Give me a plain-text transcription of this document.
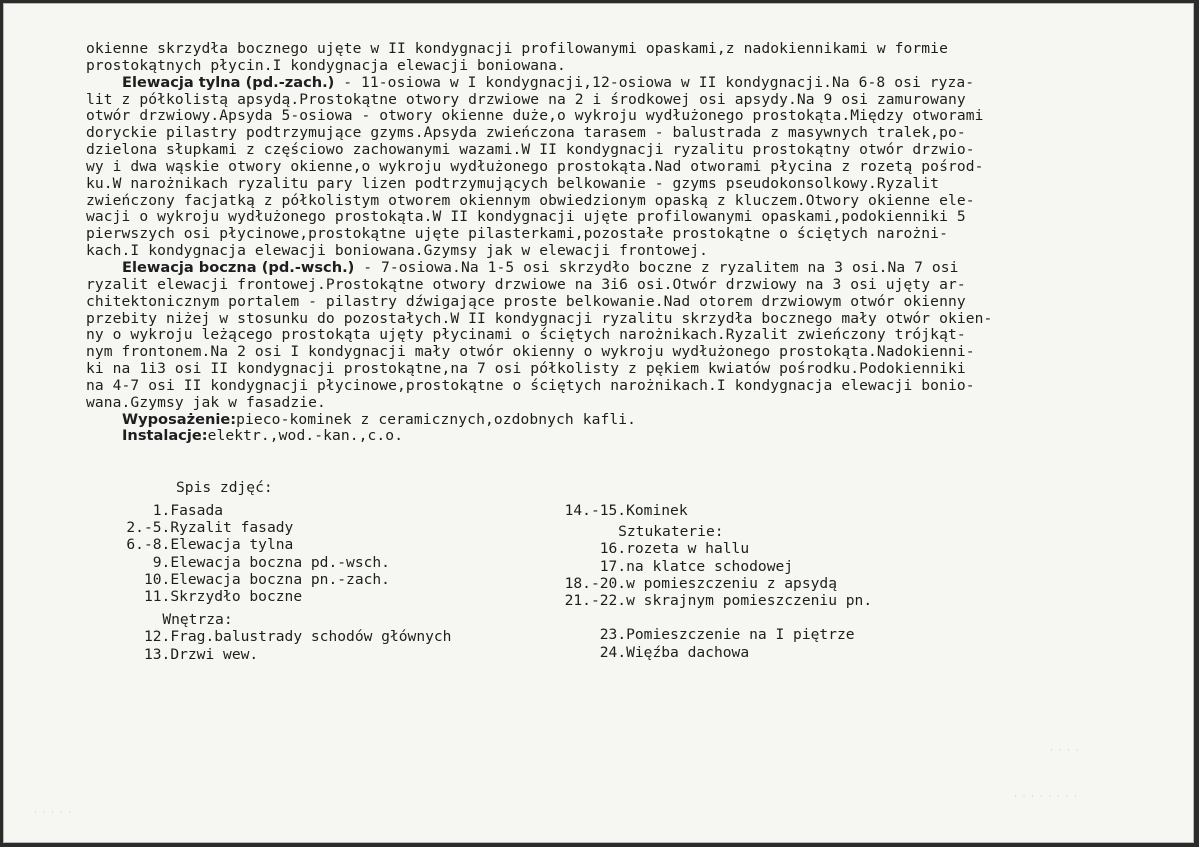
okienne skrzydła bocznego ujęte w II kondygnacji profilowanymi opaskami,z nadokiennikami w formie
prostokątnych płycin.I kondygnacja elewacji boniowana.
Elewacja tylna (pd.-zach.) - 11-osiowa w I kondygnacji,12-osiowa w II kondygnacji.Na 6-8 osi ryza-
lit z półkolistą apsydą.Prostokątne otwory drzwiowe na 2 i środkowej osi apsydy.Na 9 osi zamurowany
otwór drzwiowy.Apsyda 5-osiowa - otwory okienne duże,o wykroju wydłużonego prostokąta.Między otworami
doryckie pilastry podtrzymujące gzyms.Apsyda zwieńczona tarasem - balustrada z masywnych tralek,po-
dzielona słupkami z częściowo zachowanymi wazami.W II kondygnacji ryzalitu prostokątny otwór drzwio-
wy i dwa wąskie otwory okienne,o wykroju wydłużonego prostokąta.Nad otworami płycina z rozetą pośrod-
ku.W narożnikach ryzalitu pary lizen podtrzymujących belkowanie - gzyms pseudokonsolkowy.Ryzalit
zwieńczony facjatką z półkolistym otworem okiennym obwiedzionym opaską z kluczem.Otwory okienne ele-
wacji o wykroju wydłużonego prostokąta.W II kondygnacji ujęte profilowanymi opaskami,podokienniki 5
pierwszych osi płycinowe,prostokątne ujęte pilasterkami,pozostałe prostokątne o ściętych narożni-
kach.I kondygnacja elewacji boniowana.Gzymsy jak w elewacji frontowej.
Elewacja boczna (pd.-wsch.) - 7-osiowa.Na 1-5 osi skrzydło boczne z ryzalitem na 3 osi.Na 7 osi
ryzalit elewacji frontowej.Prostokątne otwory drzwiowe na 3i6 osi.Otwór drzwiowy na 3 osi ujęty ar-
chitektonicznym portalem - pilastry dźwigające proste belkowanie.Nad otorem drzwiowym otwór okienny
przebity niżej w stosunku do pozostałych.W II kondygnacji ryzalitu skrzydła bocznego mały otwór okien-
ny o wykroju leżącego prostokąta ujęty płycinami o ściętych narożnikach.Ryzalit zwieńczony trójkąt-
nym frontonem.Na 2 osi I kondygnacji mały otwór okienny o wykroju wydłużonego prostokąta.Nadokienni-
ki na 1i3 osi II kondygnacji prostokątne,na 7 osi półkolisty z pękiem kwiatów pośrodku.Podokienniki
na 4-7 osi II kondygnacji płycinowe,prostokątne o ściętych narożnikach.I kondygnacja elewacji bonio-
wana.Gzymsy jak w fasadzie.
Wyposażenie:pieco-kominek z ceramicznych,ozdobnych kafli.
Instalacje:elektr.,wod.-kan.,c.o.
Spis zdjęć:
1.Fasada
2.-5.Ryzalit fasady
6.-8.Elewacja tylna
9.Elewacja boczna pd.-wsch.
10.Elewacja boczna pn.-zach.
11.Skrzydło boczne
Wnętrza:
12.Frag.balustrady schodów głównych
13.Drzwi wew.
14.-15.Kominek
Sztukaterie:
16.rozeta w hallu
17.na klatce schodowej
18.-20.w pomieszczeniu z apsydą
21.-22.w skrajnym pomieszczeniu pn.
23.Pomieszczenie na I piętrze
24.Więźba dachowa
·  ·  ·  ·
·  ·  ·  ·  ·  ·  ·  ·
·  ·  ·  ·  ·
